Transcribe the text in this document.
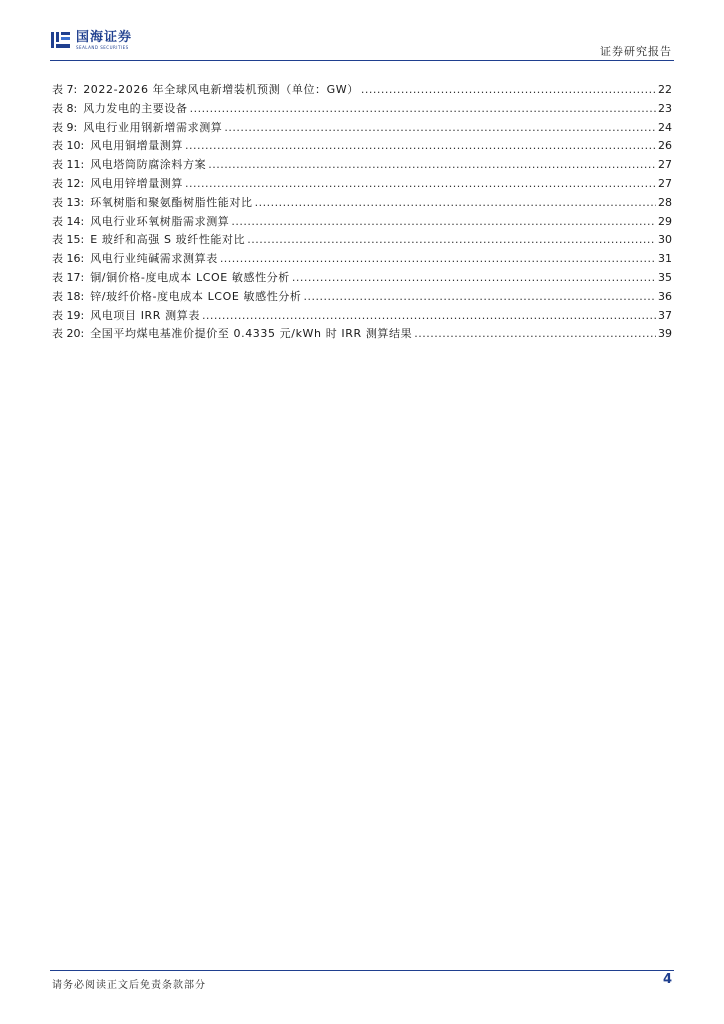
国海证券
SEALAND SECURITIES	证券研究报告
表 7: 2022-2026 年全球风电新增装机预测（单位：GW） .....	22
表 8: 风力发电的主要设备 .....	23
表 9: 风电行业用钢新增需求测算 .....	24
表 10: 风电用铜增量测算 .....	26
表 11: 风电塔筒防腐涂料方案 .....	27
表 12: 风电用锌增量测算 .....	27
表 13: 环氧树脂和聚氨酯树脂性能对比 .....	28
表 14: 风电行业环氧树脂需求测算 .....	29
表 15: E 玻纤和高强 S 玻纤性能对比 .....	30
表 16: 风电行业纯碱需求测算表 .....	31
表 17: 铜/铜价格-度电成本 LCOE 敏感性分析 .....	35
表 18: 锌/玻纤价格-度电成本 LCOE 敏感性分析 .....	36
表 19: 风电项目 IRR 测算表 .....	37
表 20: 全国平均煤电基准价提价至 0.4335 元/kWh 时 IRR 测算结果 .....	39
请务必阅读正文后免责条款部分	4
